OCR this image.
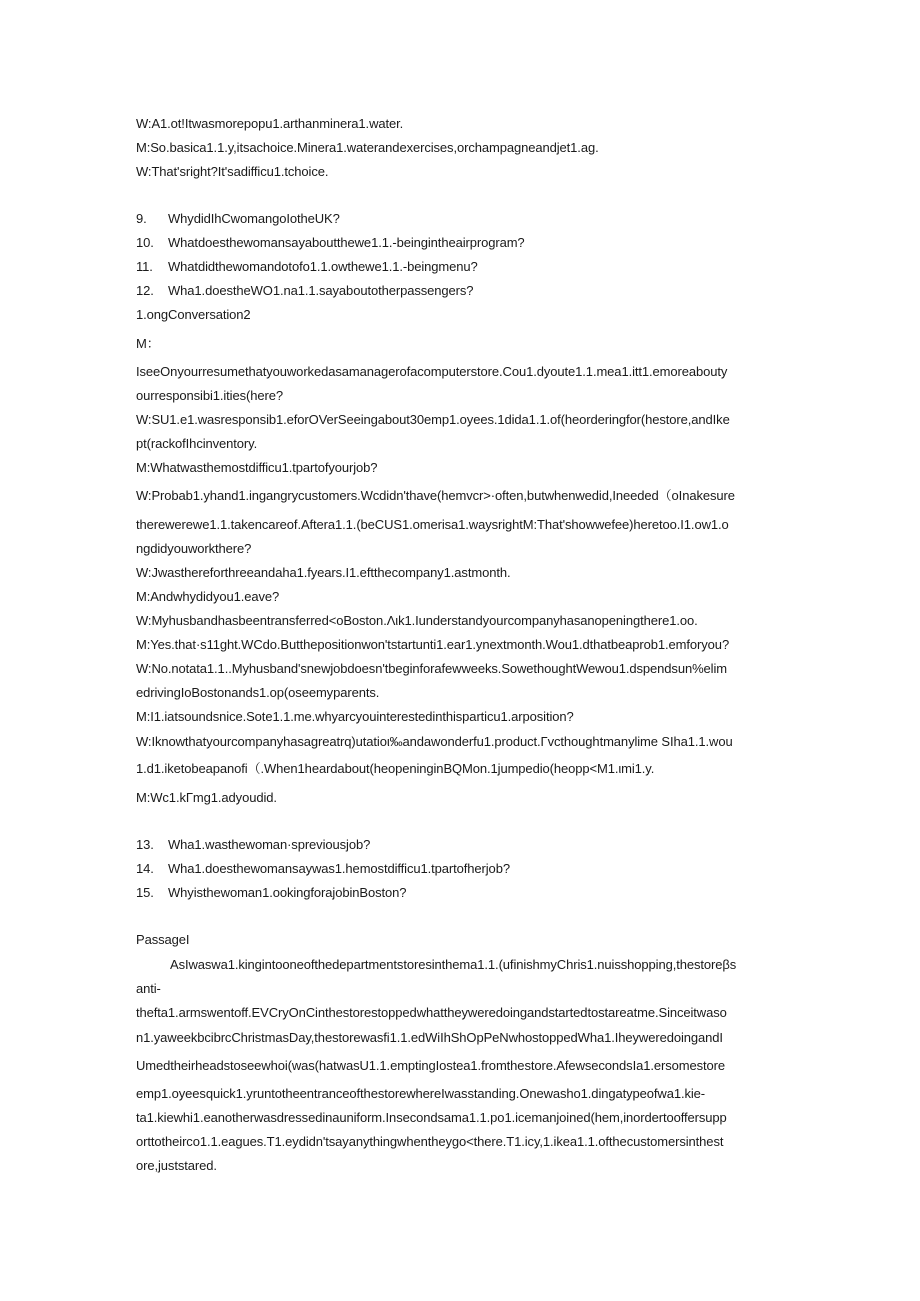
W:A1.ot!Itwasmorepopu1.arthanminera1.water.
M:So.basica1.1.y,itsachoice.Minera1.waterandexercises,orchampagneandjet1.ag.
W:That'sright?It'sadifficu1.tchoice.
9. WhydidIhCwomangoIotheUK?
10. Whatdoesthewomansayaboutthewe1.1.-beingintheairprogram?
11. Whatdidthewomandotofo1.1.owthewe1.1.-beingmenu?
12. Wha1.doestheWO1.na1.1.sayaboutotherpassengers?
1.ongConversation2
M：
IseeOnyourresumethatyouworkedasamanagerofacomputerstore.Cou1.dyoute1.1.mea1.itt1.emoreabouty
ourresponsibi1.ities(here?
W:SU1.e1.wasresponsib1.eforOVerSeeingabout30emp1.oyees.1dida1.1.of(heorderingfor(hestore,andIke
pt(rackofIhcinventory.
M:Whatwasthemostdifficu1.tpartofyourjob?
W:Probab1.yhand1.ingangrycustomers.Wcdidn'thave(hemvcr>·often,butwhenwedid,Ineeded（oInakesure
therewerewe1.1.takencareof.Aftera1.1.(beCUS1.omerisa1.waysrightM:That'showwefee)heretoo.I1.ow1.o
ngdidyouworkthere?
W:Jwasthereforthreeandaha1.fyears.I1.eftthecompany1.astmonth.
M:Andwhydidyou1.eave?
W:Myhusbandhasbeentransferred<oBoston.Λιk1.Iunderstandyourcompanyhasanopeningthere1.oo.
M:Yes.that·s11ght.WCdo.Butthepositionwon'tstartunti1.ear1.ynextmonth.Wou1.dthatbeaprob1.emforyou?
W:No.notata1.1..Myhusband'snewjobdoesn'tbeginforafewweeks.SowethoughtWewou1.dspendsun%elim
edrivingIoBostonands1.op(oseemyparents.
M:I1.iatsoundsnice.Sote1.1.me.whyarcyouinterestedinthisparticu1.arposition?
W:Iknowthatyourcompanyhasagreatrq)utatioι‰andawonderfu1.product.Γvcthoughtmanylime SIha1.1.wou
1.d1.iketobeapanofi（.When1heardabout(heopeninginBQMon.1jumpedio(heopp<M1.ιmi1.y.
M:Wc1.kΓmg1.adyoudid.
13. Wha1.wasthewoman·spreviousjob?
14. Wha1.doesthewomansaywas1.hemostdifficu1.tpartofherjob?
15. Whyisthewoman1.ookingforajobinBoston?
PassageI
AsIwaswa1.kingintooneofthedepartmentstoresinthema1.1.(ufinishmyChris1.nuisshopping,thestoreβs
anti-
thefta1.armswentoff.EVCryOnCinthestorestoppedwhattheyweredoingandstartedtostareatme.Sinceitwaso
n1.yaweekbcibrcChristmasDay,thestorewasfi1.1.edWiIhShOpPeNwhostoppedWha1.IheyweredoingandI
Umedtheirheadstoseewhoi(was(hatwasU1.1.emptingIostea1.fromthestore.AfewsecondsIa1.ersomestore
emp1.oyeesquick1.yruntotheentranceofthestorewhereIwasstanding.Onewasho1.dingatypeofwa1.kie-
ta1.kiewhi1.eanotherwasdressedinauniform.Insecondsama1.1.po1.icemanjoined(hem,inordertooffersupp
orttotheirco1.1.eagues.T1.eydidn'tsayanythingwhentheygo<there.T1.icy,1.ikea1.1.ofthecustomersinthest
ore,juststared.
